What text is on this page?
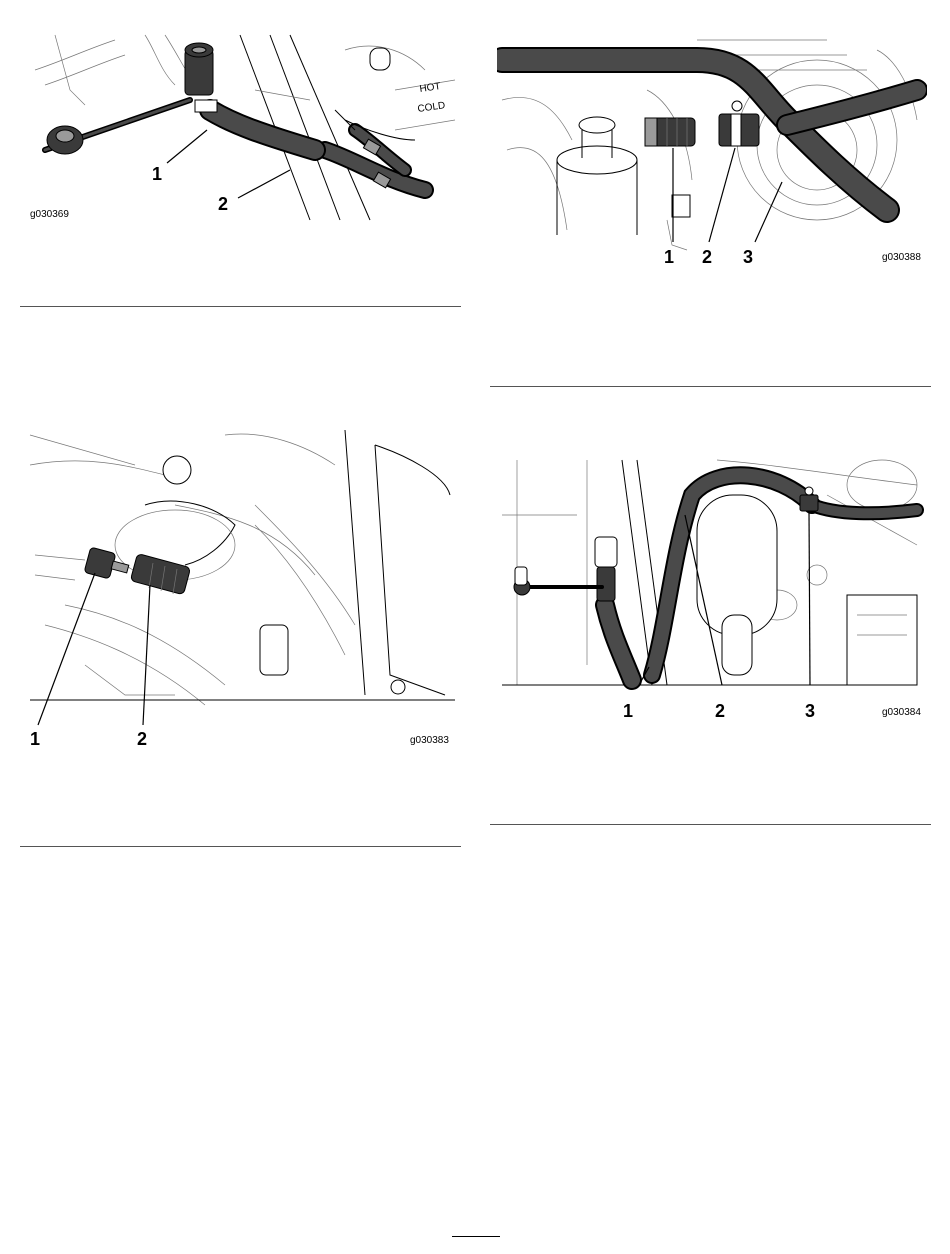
HOT
COLD
1
2
g030369
1 2 3	g030388
1	2	g030383
1	2	3	g030384
